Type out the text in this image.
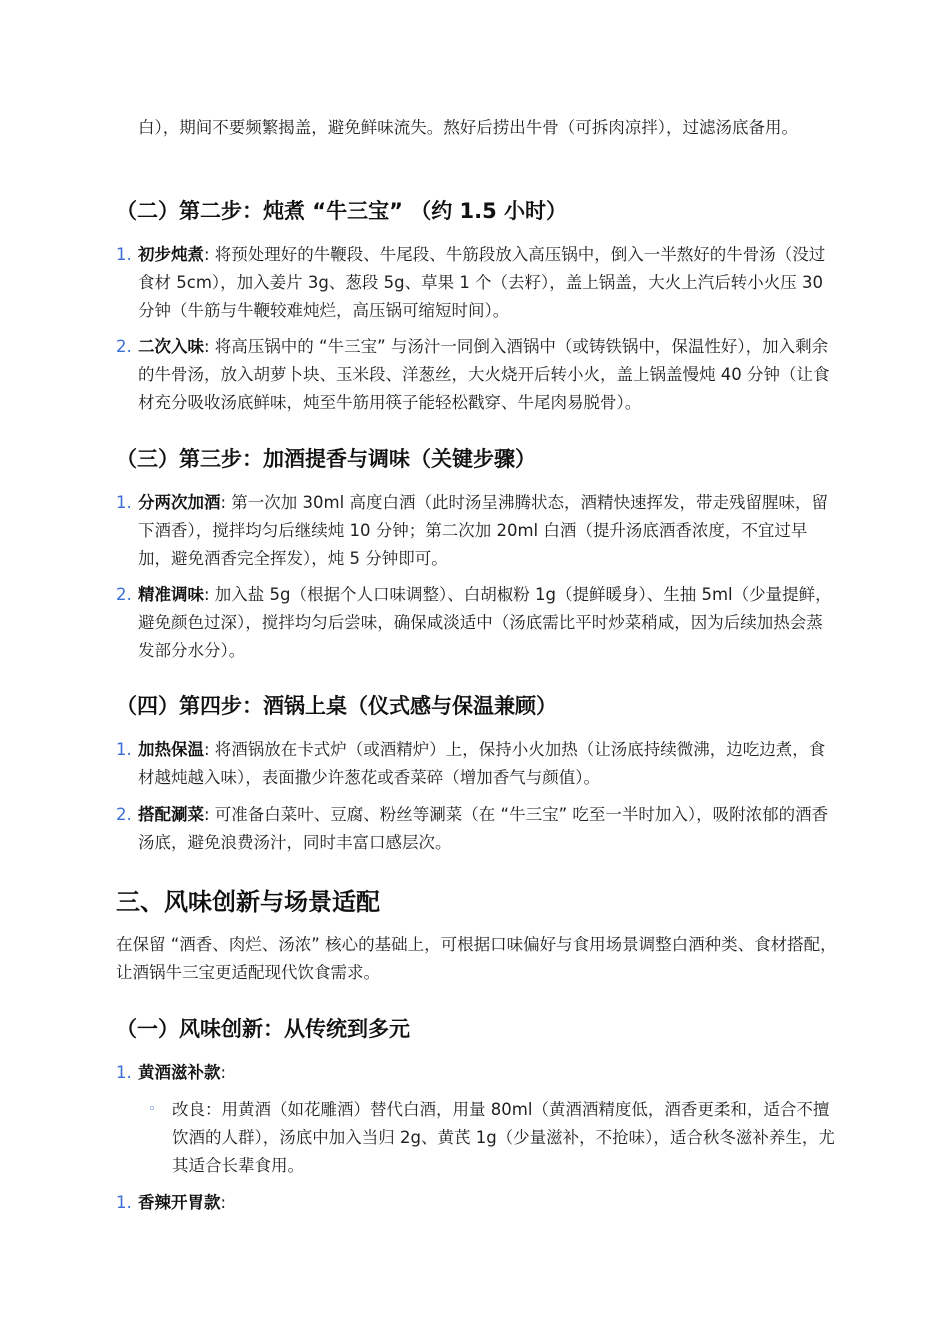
白），期间不要频繁揭盖，避免鲜味流失。熬好后捞出牛骨（可拆肉凉拌），过滤汤底备用。

（二）第二步：炖煮 “牛三宝” （约 1.5 小时）
1. 初步炖煮: 将预处理好的牛鞭段、牛尾段、牛筋段放入高压锅中，倒入一半熬好的牛骨汤（没过食材 5cm），加入姜片 3g、葱段 5g、草果 1 个（去籽），盖上锅盖，大火上汽后转小火压 30 分钟（牛筋与牛鞭较难炖烂，高压锅可缩短时间）。
2. 二次入味: 将高压锅中的 “牛三宝” 与汤汁一同倒入酒锅中（或铸铁锅中，保温性好），加入剩余的牛骨汤，放入胡萝卜块、玉米段、洋葱丝，大火烧开后转小火，盖上锅盖慢炖 40 分钟（让食材充分吸收汤底鲜味，炖至牛筋用筷子能轻松戳穿、牛尾肉易脱骨）。
（三）第三步：加酒提香与调味（关键步骤）
1. 分两次加酒: 第一次加 30ml 高度白酒（此时汤呈沸腾状态，酒精快速挥发，带走残留腥味，留下酒香），搅拌均匀后继续炖 10 分钟；第二次加 20ml 白酒（提升汤底酒香浓度，不宜过早加，避免酒香完全挥发），炖 5 分钟即可。
2. 精准调味: 加入盐 5g（根据个人口味调整）、白胡椒粉 1g（提鲜暖身）、生抽 5ml（少量提鲜，避免颜色过深），搅拌均匀后尝味，确保咸淡适中（汤底需比平时炒菜稍咸，因为后续加热会蒸发部分水分）。
（四）第四步：酒锅上桌（仪式感与保温兼顾）
1. 加热保温: 将酒锅放在卡式炉（或酒精炉）上，保持小火加热（让汤底持续微沸，边吃边煮，食材越炖越入味），表面撒少许葱花或香菜碎（增加香气与颜值）。
2. 搭配涮菜: 可准备白菜叶、豆腐、粉丝等涮菜（在 “牛三宝” 吃至一半时加入），吸附浓郁的酒香汤底，避免浪费汤汁，同时丰富口感层次。
三、风味创新与场景适配

在保留 “酒香、肉烂、汤浓” 核心的基础上，可根据口味偏好与食用场景调整白酒种类、食材搭配，让酒锅牛三宝更适配现代饮食需求。

（一）风味创新：从传统到多元
1. 黄酒滋补款:
◦ 改良：用黄酒（如花雕酒）替代白酒，用量 80ml（黄酒酒精度低，酒香更柔和，适合不擅饮酒的人群），汤底中加入当归 2g、黄芪 1g（少量滋补，不抢味），适合秋冬滋补养生，尤其适合长辈食用。
1. 香辣开胃款:
